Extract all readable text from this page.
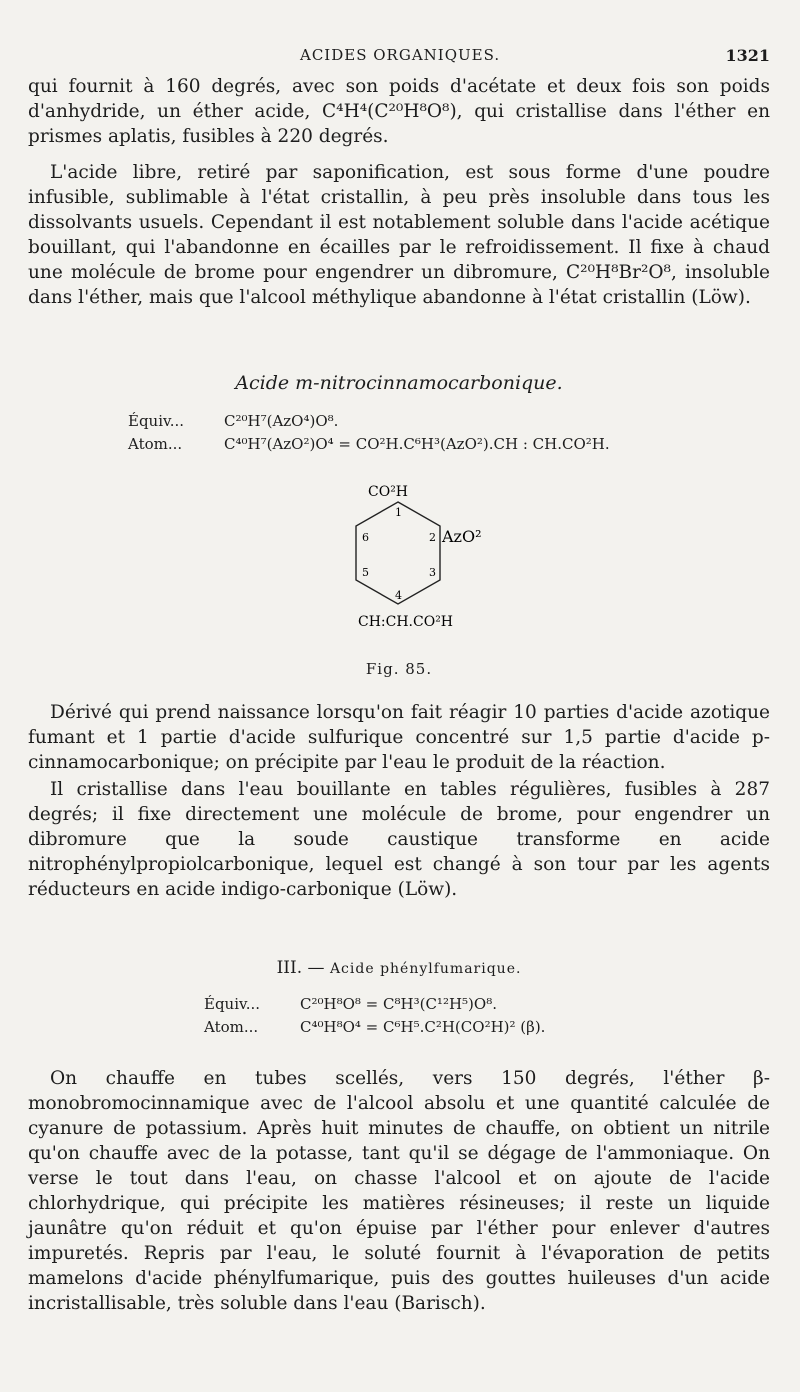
ACIDES ORGANIQUES.	1321

qui fournit à 160 degrés, avec son poids d'acétate et deux fois son poids d'anhydride, un éther acide, C⁴H⁴(C²⁰H⁸O⁸), qui cristallise dans l'éther en prismes aplatis, fusibles à 220 degrés.

L'acide libre, retiré par saponification, est sous forme d'une poudre infusible, sublimable à l'état cristallin, à peu près insoluble dans tous les dissolvants usuels. Cependant il est notablement soluble dans l'acide acétique bouillant, qui l'abandonne en écailles par le refroidissement. Il fixe à chaud une molécule de brome pour engendrer un dibromure, C²⁰H⁸Br²O⁸, insoluble dans l'éther, mais que l'alcool méthylique abandonne à l'état cristallin (Löw).

Acide m-nitrocinnamocarbonique.
Équiv...	C²⁰H⁷(AzO⁴)O⁸.
Atom...	C⁴⁰H⁷(AzO²)O⁴ = CO²H.C⁶H³(AzO²).CH : CH.CO²H.
CO²H
1
2
3
4
5
6	AzO²
CH:CH.CO²H
Fig. 85.

Dérivé qui prend naissance lorsqu'on fait réagir 10 parties d'acide azotique fumant et 1 partie d'acide sulfurique concentré sur 1,5 partie d'acide p-cinnamocarbonique; on précipite par l'eau le produit de la réaction.

Il cristallise dans l'eau bouillante en tables régulières, fusibles à 287 degrés; il fixe directement une molécule de brome, pour engendrer un dibromure que la soude caustique transforme en acide nitrophénylpropiolcarbonique, lequel est changé à son tour par les agents réducteurs en acide indigo-carbonique (Löw).

III. — Acide phénylfumarique.
Équiv...	C²⁰H⁸O⁸ = C⁸H³(C¹²H⁵)O⁸.
Atom...	C⁴⁰H⁸O⁴ = C⁶H⁵.C²H(CO²H)² (β).

On chauffe en tubes scellés, vers 150 degrés, l'éther β-monobromocinnamique avec de l'alcool absolu et une quantité calculée de cyanure de potassium. Après huit minutes de chauffe, on obtient un nitrile qu'on chauffe avec de la potasse, tant qu'il se dégage de l'ammoniaque. On verse le tout dans l'eau, on chasse l'alcool et on ajoute de l'acide chlorhydrique, qui précipite les matières résineuses; il reste un liquide jaunâtre qu'on réduit et qu'on épuise par l'éther pour enlever d'autres impuretés. Repris par l'eau, le soluté fournit à l'évaporation de petits mamelons d'acide phénylfumarique, puis des gouttes huileuses d'un acide incristallisable, très soluble dans l'eau (Barisch).
